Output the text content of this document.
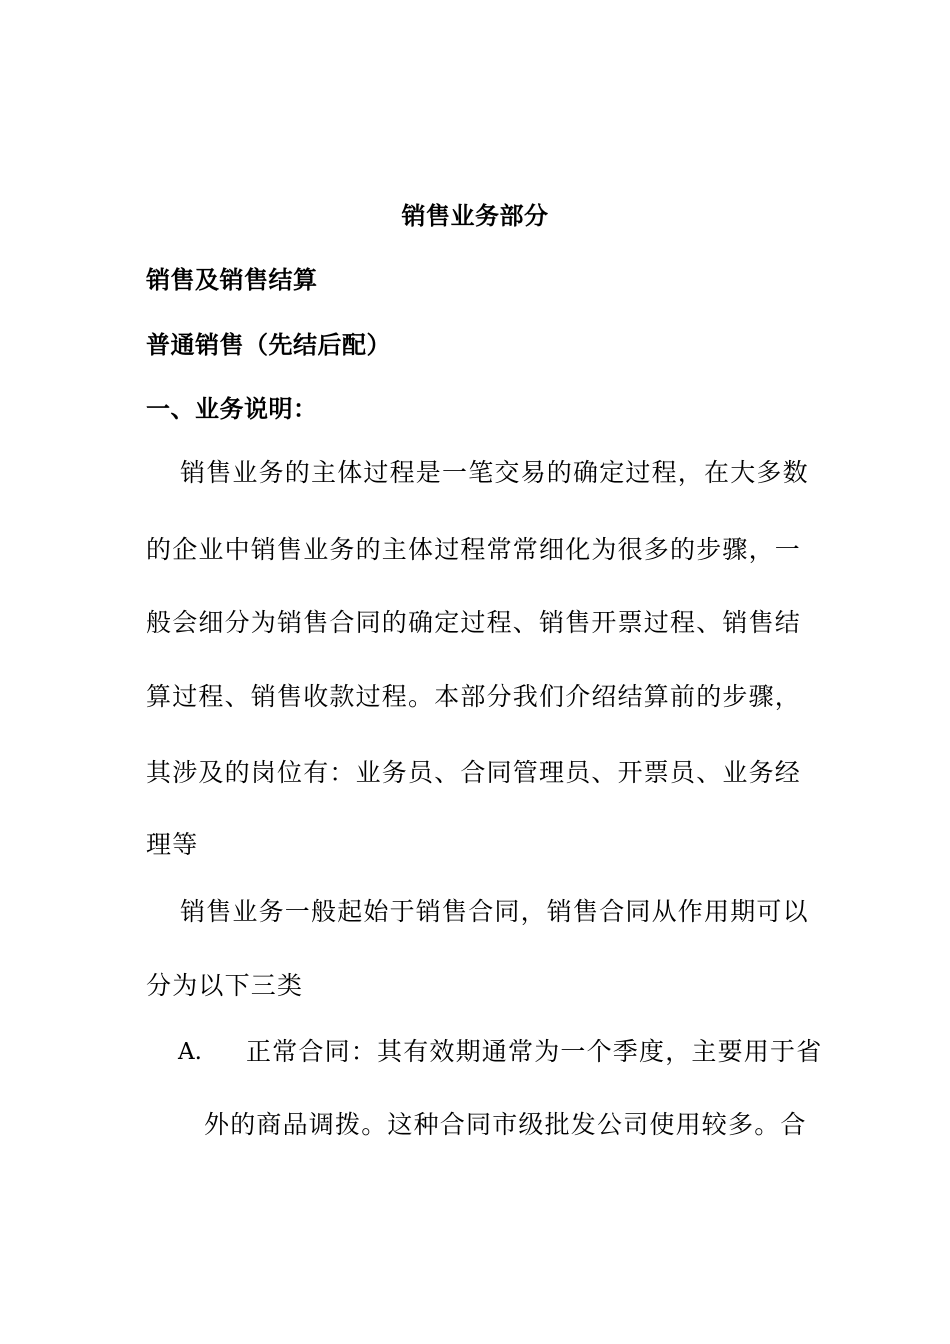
销售业务部分
销售及销售结算
普通销售（先结后配）
一、业务说明：
销售业务的主体过程是一笔交易的确定过程，在大多数
的企业中销售业务的主体过程常常细化为很多的步骤，一
般会细分为销售合同的确定过程、销售开票过程、销售结
算过程、销售收款过程。本部分我们介绍结算前的步骤，
其涉及的岗位有：业务员、合同管理员、开票员、业务经
理等
销售业务一般起始于销售合同，销售合同从作用期可以
分为以下三类
A. 正常合同：其有效期通常为一个季度，主要用于省
外的商品调拨。这种合同市级批发公司使用较多。合
